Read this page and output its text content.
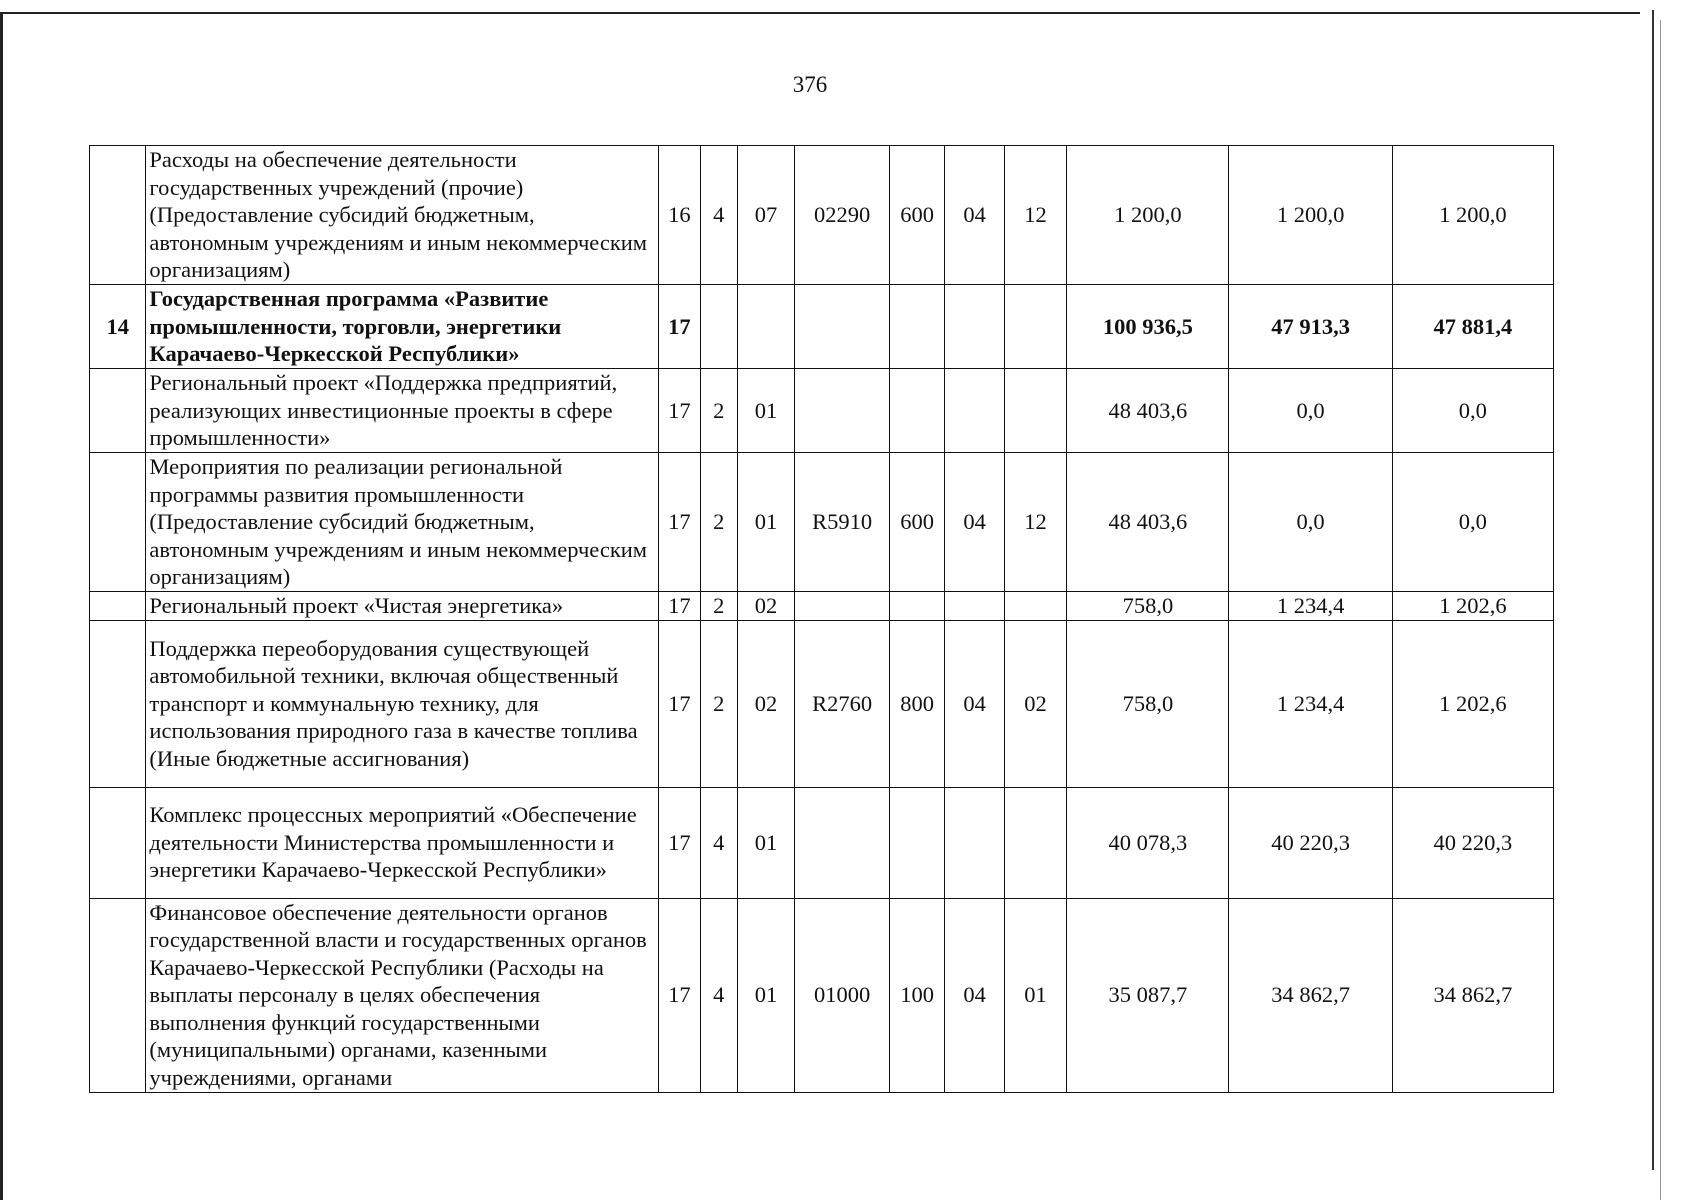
376
	Расходы на обеспечение деятельности государственных учреждений (прочие) (Предоставление субсидий бюджетным, автономным учреждениям и иным некоммерческим организациям)	16	4	07	02290	600	04	12	1 200,0	1 200,0	1 200,0
14	Государственная программа «Развитие промышленности, торговли, энергетики Карачаево-Черкесской Республики»	17							100 936,5	47 913,3	47 881,4
	Региональный проект «Поддержка предприятий, реализующих инвестиционные проекты в сфере промышленности»	17	2	01					48 403,6	0,0	0,0
	Мероприятия по реализации региональной программы развития промышленности (Предоставление субсидий бюджетным, автономным учреждениям и иным некоммерческим организациям)	17	2	01	R5910	600	04	12	48 403,6	0,0	0,0
	Региональный проект «Чистая энергетика»	17	2	02					758,0	1 234,4	1 202,6
	Поддержка переоборудования существующей автомобильной техники, включая общественный транспорт и коммунальную технику, для использования природного газа в качестве топлива (Иные бюджетные ассигнования)	17	2	02	R2760	800	04	02	758,0	1 234,4	1 202,6
	Комплекс процессных мероприятий «Обеспечение деятельности Министерства промышленности и энергетики Карачаево-Черкесской Республики»	17	4	01					40 078,3	40 220,3	40 220,3
	Финансовое обеспечение деятельности органов государственной власти и государственных органов Карачаево-Черкесской Республики (Расходы на выплаты персоналу в целях обеспечения выполнения функций государственными (муниципальными) органами, казенными учреждениями, органами	17	4	01	01000	100	04	01	35 087,7	34 862,7	34 862,7
